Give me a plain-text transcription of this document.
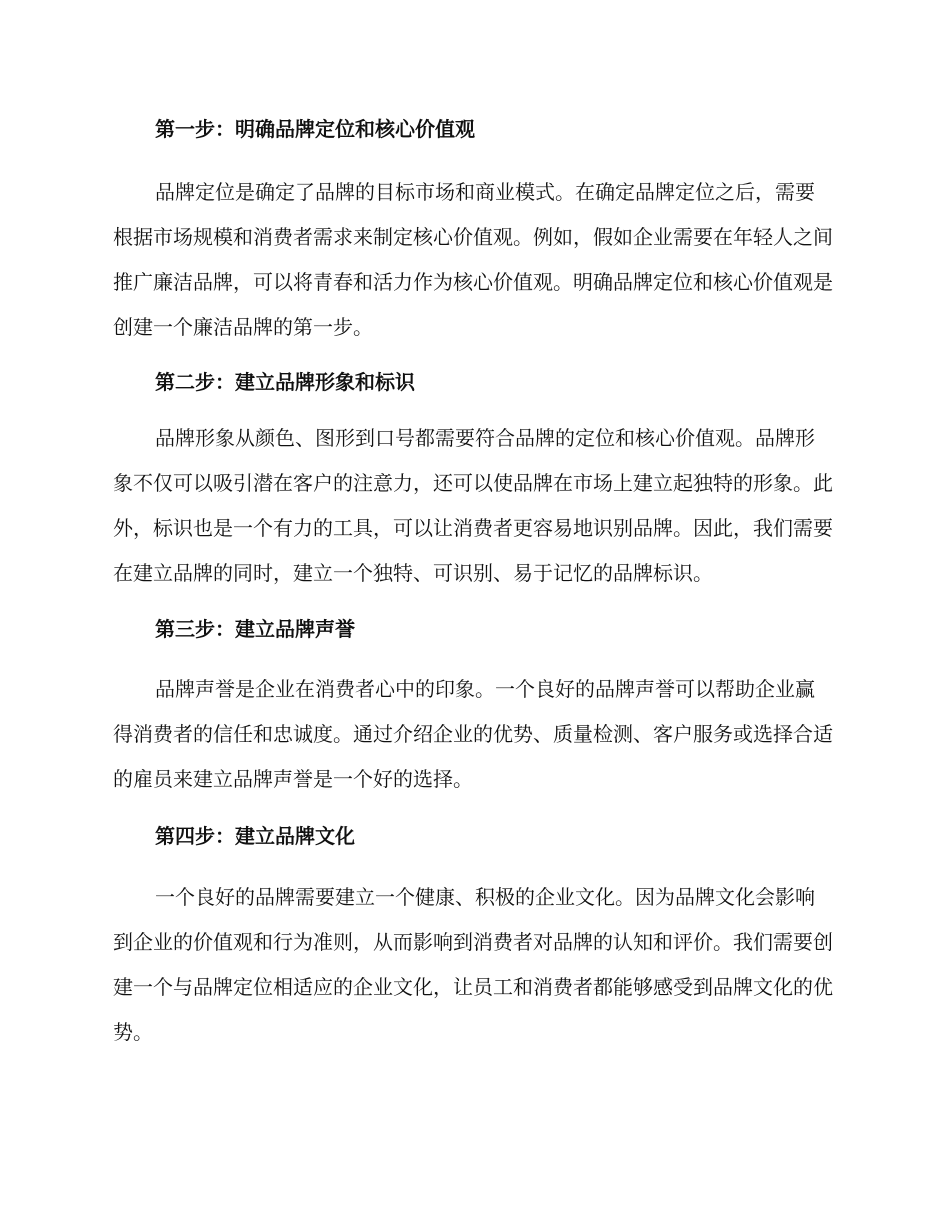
第一步：明确品牌定位和核心价值观

品牌定位是确定了品牌的目标市场和商业模式。在确定品牌定位之后，需要根据市场规模和消费者需求来制定核心价值观。例如，假如企业需要在年轻人之间推广廉洁品牌，可以将青春和活力作为核心价值观。明确品牌定位和核心价值观是创建一个廉洁品牌的第一步。

第二步：建立品牌形象和标识

品牌形象从颜色、图形到口号都需要符合品牌的定位和核心价值观。品牌形象不仅可以吸引潜在客户的注意力，还可以使品牌在市场上建立起独特的形象。此外，标识也是一个有力的工具，可以让消费者更容易地识别品牌。因此，我们需要在建立品牌的同时，建立一个独特、可识别、易于记忆的品牌标识。

第三步：建立品牌声誉

品牌声誉是企业在消费者心中的印象。一个良好的品牌声誉可以帮助企业赢得消费者的信任和忠诚度。通过介绍企业的优势、质量检测、客户服务或选择合适的雇员来建立品牌声誉是一个好的选择。

第四步：建立品牌文化

一个良好的品牌需要建立一个健康、积极的企业文化。因为品牌文化会影响到企业的价值观和行为准则，从而影响到消费者对品牌的认知和评价。我们需要创建一个与品牌定位相适应的企业文化，让员工和消费者都能够感受到品牌文化的优势。
